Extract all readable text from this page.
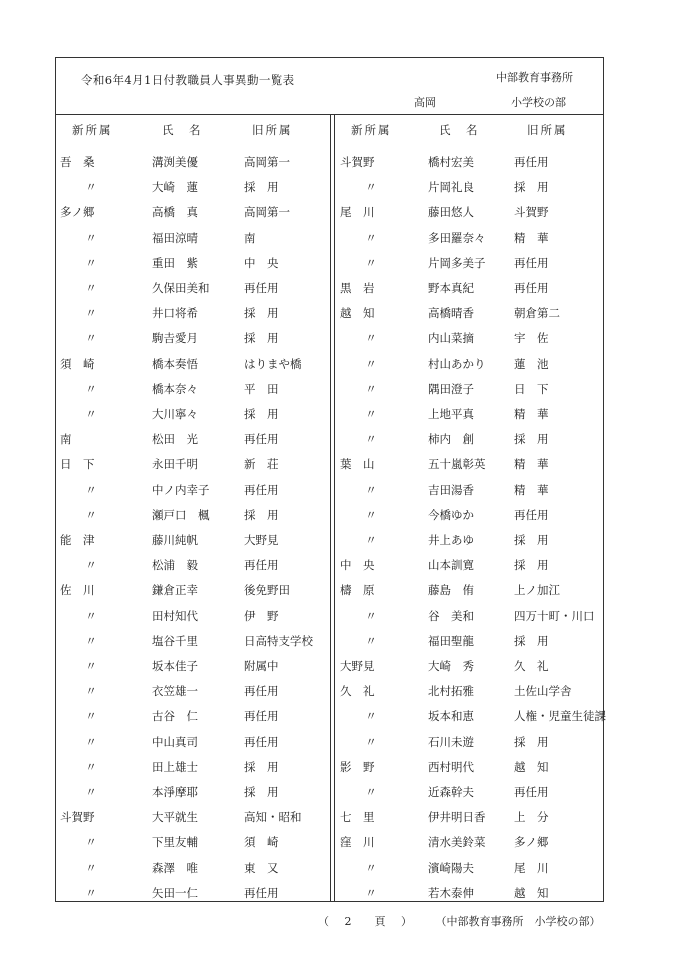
令和6年4月1日付教職員人事異動一覧表	中部教育事務所
高岡	小学校の部
新所属	氏　名	旧所属	新所属	氏　名	旧所属
吾　桑	溝渕美優	高岡第一
〃	大崎　蓮	採　用
多ノ郷	高橋　真	高岡第一
〃	福田涼晴	南
〃	重田　紫	中　央
〃	久保田美和	再任用
〃	井口将希	採　用
〃	駒𠮷愛月	採　用
須　崎	橋本奏悟	はりまや橋
〃	橋本奈々	平　田
〃	大川寧々	採　用
南	松田　光	再任用
日　下	永田千明	新　荘
〃	中ノ内幸子	再任用
〃	瀬戸口　楓	採　用
能　津	藤川純帆	大野見
〃	松浦　毅	再任用
佐　川	鎌倉正幸	後免野田
〃	田村知代	伊　野
〃	塩谷千里	日高特支学校
〃	坂本佳子	附属中
〃	衣笠雄一	再任用
〃	古谷　仁	再任用
〃	中山真司	再任用
〃	田上雄士	採　用
〃	本淨摩耶	採　用
斗賀野	大平就生	高知・昭和
〃	下里友輔	須　崎
〃	森澤　唯	東　又
〃	矢田一仁	再任用
斗賀野	橋村宏美	再任用
〃	片岡礼良	採　用
尾　川	藤田悠人	斗賀野
〃	多田羅奈々	精　華
〃	片岡多美子	再任用
黒　岩	野本真紀	再任用
越　知	高橋晴香	朝倉第二
〃	内山菜摘	宇　佐
〃	村山あかり	蓮　池
〃	隅田澄子	日　下
〃	上地平真	精　華
〃	柿内　創	採　用
葉　山	五十嵐彰英	精　華
〃	吉田湯香	精　華
〃	今橋ゆか	再任用
〃	井上あゆ	採　用
中　央	山本訓寛	採　用
檮　原	藤島　侑	上ノ加江
〃	谷　美和	四万十町・川口
〃	福田聖龍	採　用
大野見	大崎　秀	久　礼
久　礼	北村拓雅	土佐山学舎
〃	坂本和恵	人権・児童生徒課
〃	石川未遊	採　用
影　野	西村明代	越　知
〃	近森幹夫	再任用
七　里	伊井明日香	上　分
窪　川	清水美鈴菜	多ノ郷
〃	濱崎陽夫	尾　川
〃	若木泰伸	越　知
（ 2　頁 ） （中部教育事務所　小学校の部）
